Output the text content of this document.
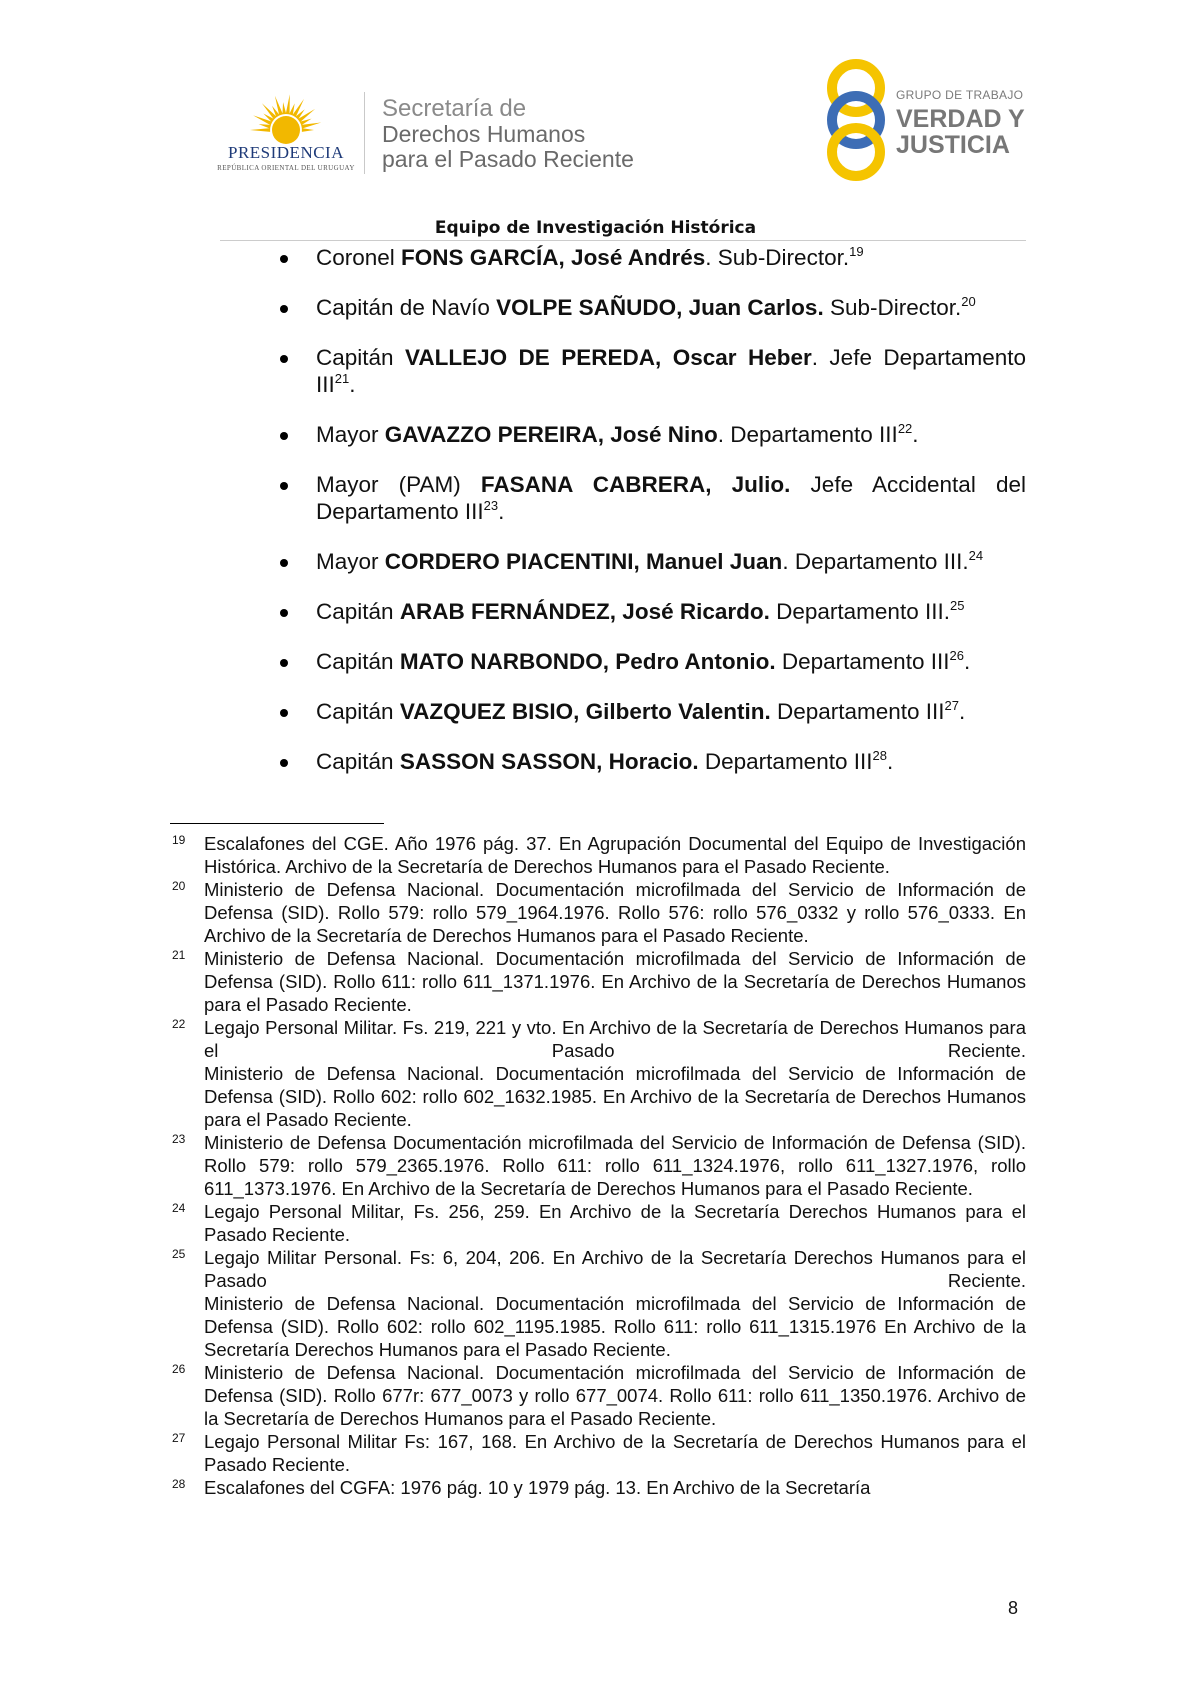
PRESIDENCIA
REPÚBLICA ORIENTAL DEL URUGUAY
Secretaría de
Derechos Humanos
para el Pasado Reciente
GRUPO DE TRABAJO
VERDAD Y
JUSTICIA
Equipo de Investigación Histórica
Coronel FONS GARCÍA, José Andrés. Sub-Director.$^{19}$
Capitán de Navío VOLPE SAÑUDO, Juan Carlos. Sub-Director.$^{20}$
Capitán VALLEJO DE PEREDA, Oscar Heber. Jefe Departamento III$^{21}$.
Mayor GAVAZZO PEREIRA, José Nino. Departamento III$^{22}$.
Mayor (PAM) FASANA CABRERA, Julio. Jefe Accidental del Departamento III$^{23}$.
Mayor CORDERO PIACENTINI, Manuel Juan. Departamento III.$^{24}$
Capitán ARAB FERNÁNDEZ, José Ricardo. Departamento III.$^{25}$
Capitán MATO NARBONDO, Pedro Antonio. Departamento III$^{26}$.
Capitán VAZQUEZ BISIO, Gilberto Valentin. Departamento III$^{27}$.
Capitán SASSON SASSON, Horacio. Departamento III$^{28}$.
19 Escalafones del CGE. Año 1976 pág. 37. En Agrupación Documental del Equipo de Investigación Histórica. Archivo de la Secretaría de Derechos Humanos para el Pasado Reciente.
20 Ministerio de Defensa Nacional. Documentación microfilmada del Servicio de Información de Defensa (SID). Rollo 579: rollo 579_1964.1976. Rollo 576: rollo 576_0332 y rollo 576_0333. En Archivo de la Secretaría de Derechos Humanos para el Pasado Reciente.
21 Ministerio de Defensa Nacional. Documentación microfilmada del Servicio de Información de Defensa (SID). Rollo 611: rollo 611_1371.1976. En Archivo de la Secretaría de Derechos Humanos para el Pasado Reciente.
22 Legajo Personal Militar. Fs. 219, 221 y vto. En Archivo de la Secretaría de Derechos Humanos para el Pasado Reciente.
Ministerio de Defensa Nacional. Documentación microfilmada del Servicio de Información de Defensa (SID). Rollo 602: rollo 602_1632.1985. En Archivo de la Secretaría de Derechos Humanos para el Pasado Reciente.
23 Ministerio de Defensa Documentación microfilmada del Servicio de Información de Defensa (SID). Rollo 579: rollo 579_2365.1976. Rollo 611: rollo 611_1324.1976, rollo 611_1327.1976, rollo 611_1373.1976. En Archivo de la Secretaría de Derechos Humanos para el Pasado Reciente.
24 Legajo Personal Militar, Fs. 256, 259. En Archivo de la Secretaría Derechos Humanos para el Pasado Reciente.
25 Legajo Militar Personal. Fs: 6, 204, 206. En Archivo de la Secretaría Derechos Humanos para el Pasado Reciente.
Ministerio de Defensa Nacional. Documentación microfilmada del Servicio de Información de Defensa (SID). Rollo 602: rollo 602_1195.1985. Rollo 611: rollo 611_1315.1976 En Archivo de la Secretaría Derechos Humanos para el Pasado Reciente.
26 Ministerio de Defensa Nacional. Documentación microfilmada del Servicio de Información de Defensa (SID). Rollo 677r: 677_0073 y rollo 677_0074. Rollo 611: rollo 611_1350.1976. Archivo de la Secretaría de Derechos Humanos para el Pasado Reciente.
27 Legajo Personal Militar Fs: 167, 168. En Archivo de la Secretaría de Derechos Humanos para el Pasado Reciente.
28 Escalafones del CGFA: 1976 pág. 10 y 1979 pág. 13. En Archivo de la Secretaría
8
